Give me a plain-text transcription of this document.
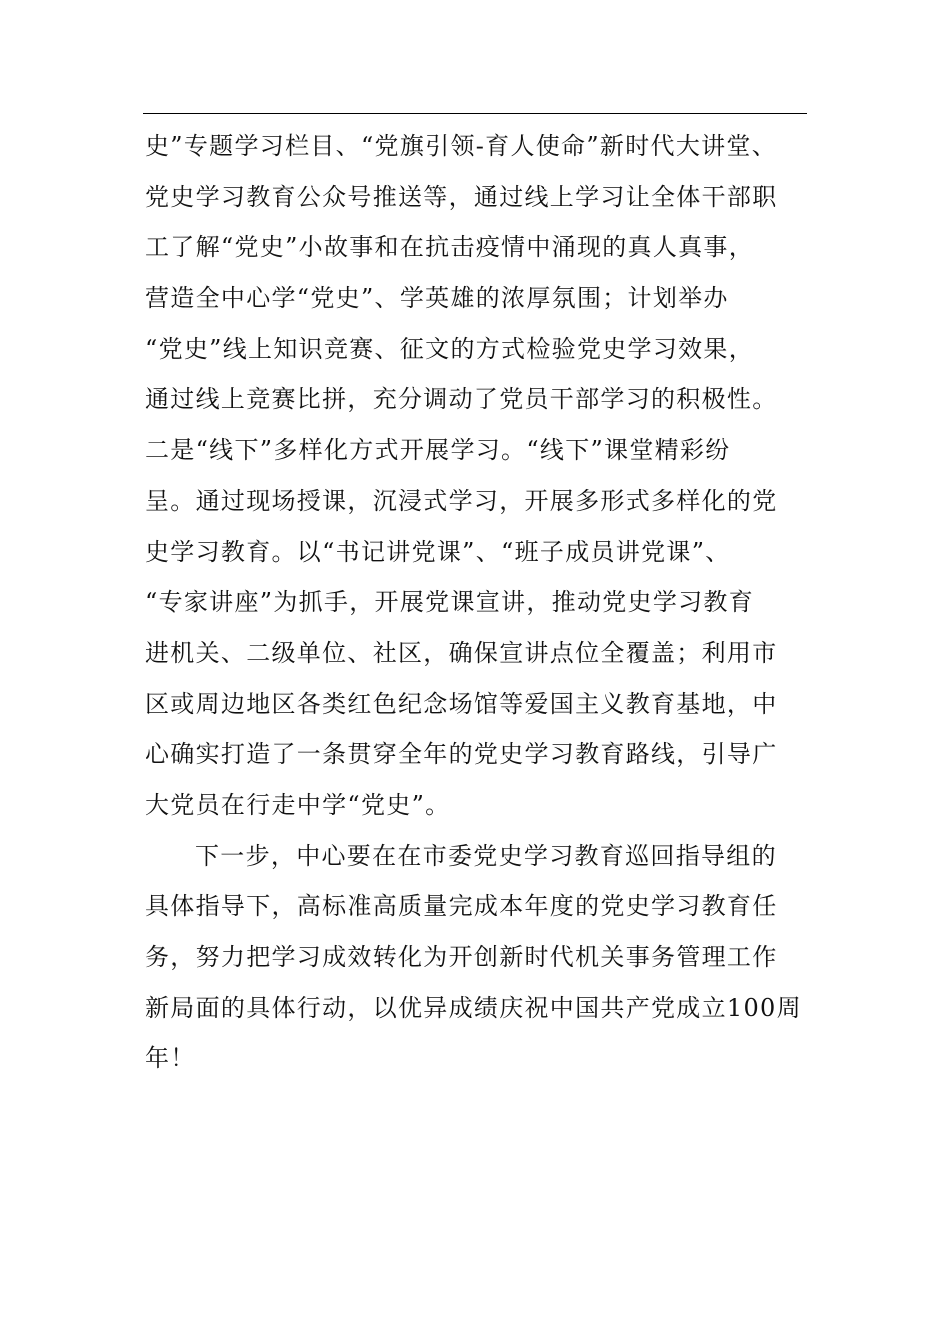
史”专题学习栏目、“党旗引领-育人使命”新时代大讲堂、
党史学习教育公众号推送等，通过线上学习让全体干部职
工了解“党史”小故事和在抗击疫情中涌现的真人真事，
营造全中心学“党史”、学英雄的浓厚氛围；计划举办
“党史”线上知识竞赛、征文的方式检验党史学习效果，
通过线上竞赛比拼，充分调动了党员干部学习的积极性。
二是“线下”多样化方式开展学习。“线下”课堂精彩纷
呈。通过现场授课，沉浸式学习，开展多形式多样化的党
史学习教育。以“书记讲党课”、“班子成员讲党课”、
“专家讲座”为抓手，开展党课宣讲，推动党史学习教育
进机关、二级单位、社区，确保宣讲点位全覆盖；利用市
区或周边地区各类红色纪念场馆等爱国主义教育基地，中
心确实打造了一条贯穿全年的党史学习教育路线，引导广
大党员在行走中学“党史”。
下一步，中心要在在市委党史学习教育巡回指导组的
具体指导下，高标准高质量完成本年度的党史学习教育任
务，努力把学习成效转化为开创新时代机关事务管理工作
新局面的具体行动，以优异成绩庆祝中国共产党成立100周
年！
